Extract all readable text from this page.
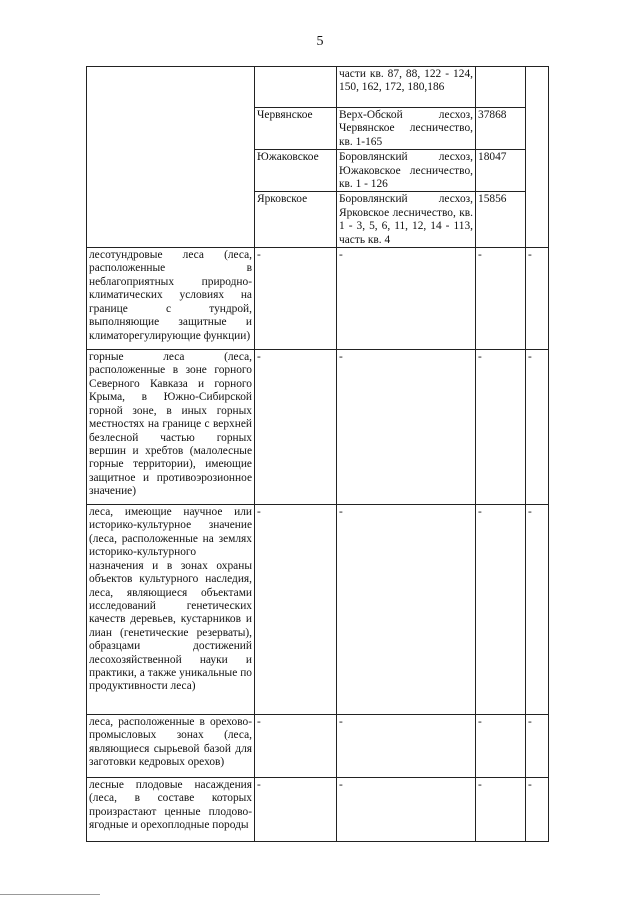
5
		части кв. 87, 88, 122 - 124, 150, 162, 172, 180,186		
	Червянское	Верх-Обской лесхоз, Червянское лесничество, кв. 1-165	37868	
	Южаковское	Боровлянский лесхоз, Южаковское лесничество, кв. 1 - 126	18047	
	Ярковское	Боровлянский лесхоз, Ярковское лесничество, кв. 1 - 3, 5, 6, 11, 12, 14 - 113, часть кв. 4	15856	
лесотундровые леса (леса, расположенные в неблагоприятных природно-климатических условиях на границе с тундрой, выполняющие защитные и климаторегулирующие функции)	-	-	-	-
горные леса (леса, расположенные в зоне горного Северного Кавказа и горного Крыма, в Южно-Сибирской горной зоне, в иных горных местностях на границе с верхней безлесной частью горных вершин и хребтов (малолесные горные территории), имеющие защитное и противоэрозионное значение)	-	-	-	-
леса, имеющие научное или историко-культурное значение (леса, расположенные на землях историко-культурного назначения и в зонах охраны объектов культурного наследия, леса, являющиеся объектами исследований генетических качеств деревьев, кустарников и лиан (генетические резерваты), образцами достижений лесохозяйственной науки и практики, а также уникальные по продуктивности леса)	-	-	-	-
леса, расположенные в орехово-промысловых зонах (леса, являющиеся сырьевой базой для заготовки кедровых орехов)	-	-	-	-
лесные плодовые насаждения (леса, в составе которых произрастают ценные плодово-ягодные и орехоплодные породы	-	-	-	-
